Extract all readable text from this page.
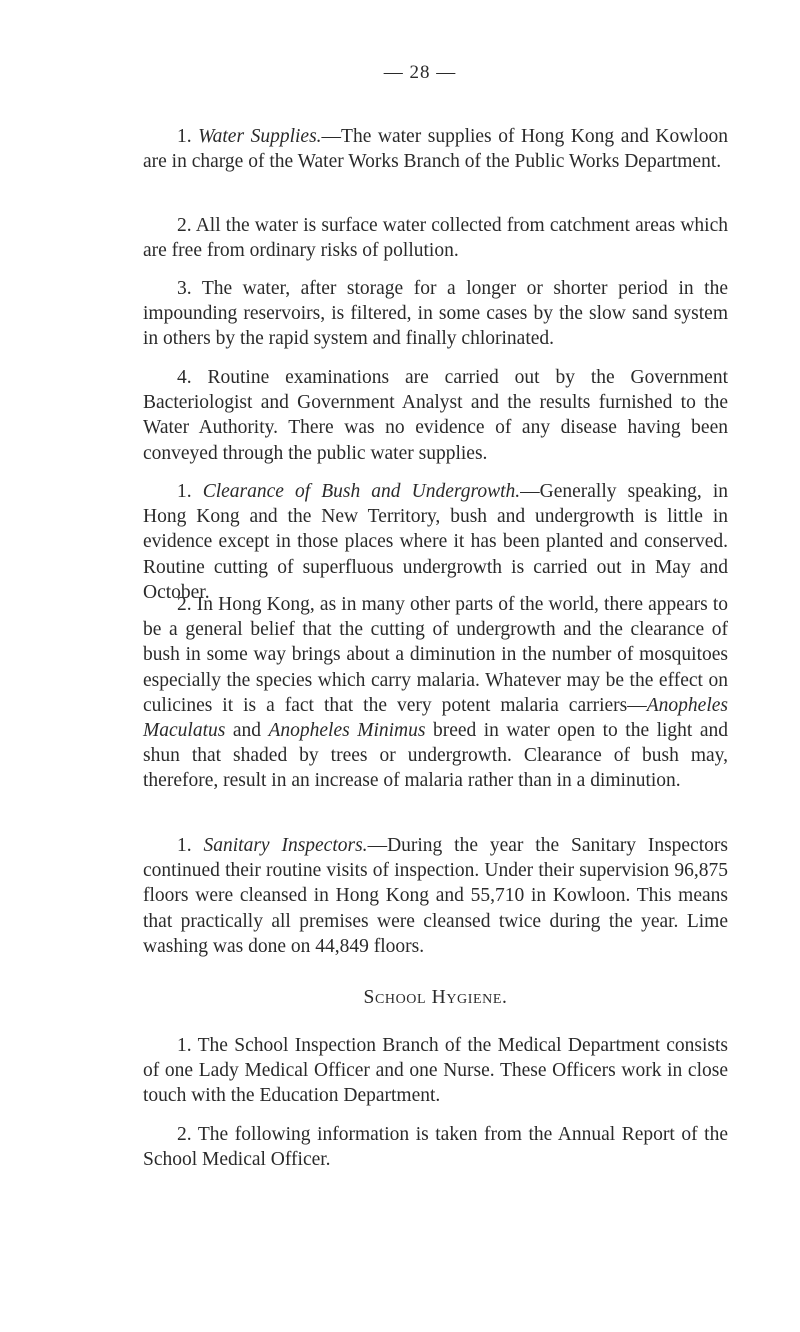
— 28 —

1. Water Supplies.—The water supplies of Hong Kong and Kowloon are in charge of the Water Works Branch of the Public Works Department.

2. All the water is surface water collected from catchment areas which are free from ordinary risks of pollution.

3. The water, after storage for a longer or shorter period in the impounding reservoirs, is filtered, in some cases by the slow sand system in others by the rapid system and finally chlorinated.

4. Routine examinations are carried out by the Government Bacteriologist and Government Analyst and the results furnished to the Water Authority. There was no evidence of any disease having been conveyed through the public water supplies.

1. Clearance of Bush and Undergrowth.—Generally speaking, in Hong Kong and the New Territory, bush and undergrowth is little in evidence except in those places where it has been planted and conserved. Routine cutting of superfluous undergrowth is carried out in May and October.

2. In Hong Kong, as in many other parts of the world, there appears to be a general belief that the cutting of undergrowth and the clearance of bush in some way brings about a diminution in the number of mosquitoes especially the species which carry malaria. Whatever may be the effect on culicines it is a fact that the very potent malaria carriers—Anopheles Maculatus and Anopheles Minimus breed in water open to the light and shun that shaded by trees or undergrowth. Clearance of bush may, therefore, result in an increase of malaria rather than in a diminution.

1. Sanitary Inspectors.—During the year the Sanitary Inspectors continued their routine visits of inspection. Under their supervision 96,875 floors were cleansed in Hong Kong and 55,710 in Kowloon. This means that practically all premises were cleansed twice during the year. Lime washing was done on 44,849 floors.

School Hygiene.

1. The School Inspection Branch of the Medical Department consists of one Lady Medical Officer and one Nurse. These Officers work in close touch with the Education Department.

2. The following information is taken from the Annual Report of the School Medical Officer.
